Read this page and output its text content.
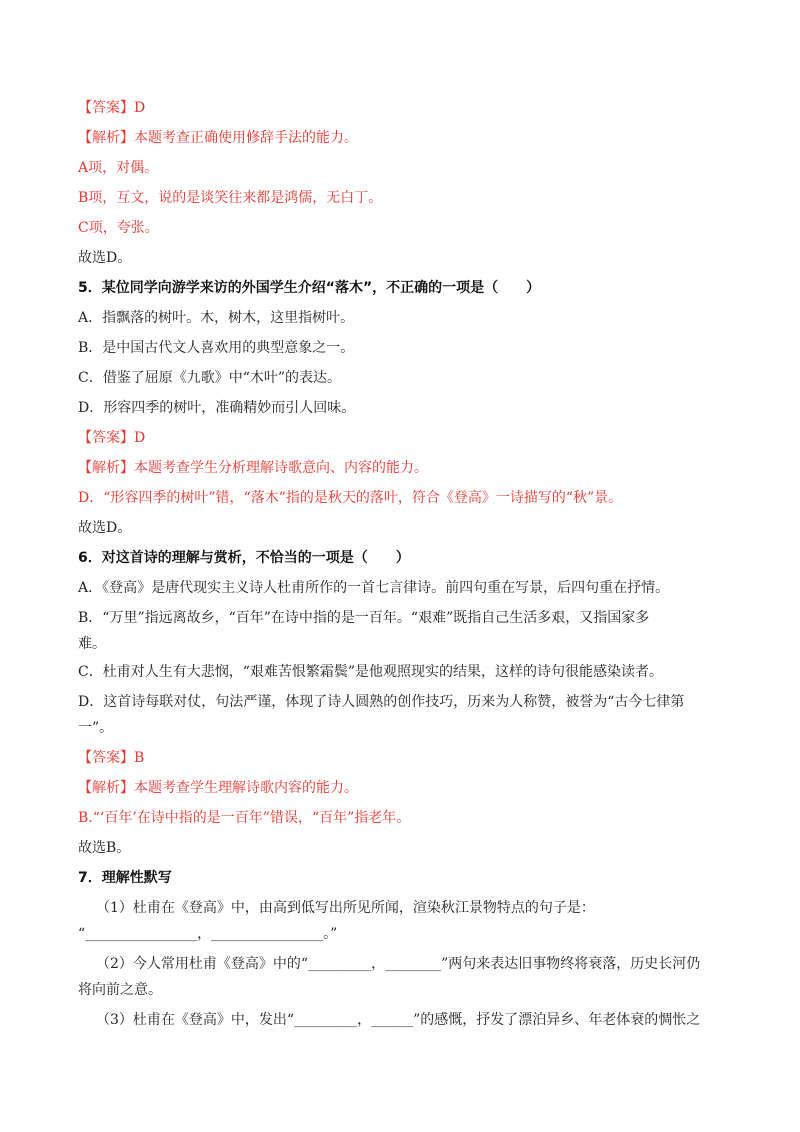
【答案】D
【解析】本题考查正确使用修辞手法的能力。
A项，对偶。
B项，互文，说的是谈笑往来都是鸿儒，无白丁。
C项，夸张。
故选D。
5．某位同学向游学来访的外国学生介绍“落木”，不正确的一项是（　　）
A．指飘落的树叶。木，树木，这里指树叶。
B．是中国古代文人喜欢用的典型意象之一。
C．借鉴了屈原《九歌》中“木叶”的表达。
D．形容四季的树叶，准确精妙而引人回味。
【答案】D
【解析】本题考查学生分析理解诗歌意向、内容的能力。
D．“形容四季的树叶”错，“落木”指的是秋天的落叶，符合《登高》一诗描写的“秋”景。
故选D。
6．对这首诗的理解与赏析，不恰当的一项是（　　）
A．《登高》是唐代现实主义诗人杜甫所作的一首七言律诗。前四句重在写景，后四句重在抒情。
B．“万里”指远离故乡，“百年”在诗中指的是一百年。“艰难”既指自己生活多艰，又指国家多
难。
C．杜甫对人生有大悲悯，“艰难苦恨繁霜鬓”是他观照现实的结果，这样的诗句很能感染读者。
D．这首诗每联对仗，句法严谨，体现了诗人圆熟的创作技巧，历来为人称赞，被誉为“古今七律第
一”。
【答案】B
【解析】本题考查学生理解诗歌内容的能力。
B.“‘百年’在诗中指的是一百年”错误，“百年”指老年。
故选B。
7．理解性默写
（1）杜甫在《登高》中，由高到低写出所见所闻，渲染秋江景物特点的句子是：
“________________，________________。”
（2）今人常用杜甫《登高》中的“_________，________”两句来表达旧事物终将衰落，历史长河仍
将向前之意。
（3）杜甫在《登高》中，发出“_________，______”的感慨，抒发了漂泊异乡、年老体衰的惆怅之
